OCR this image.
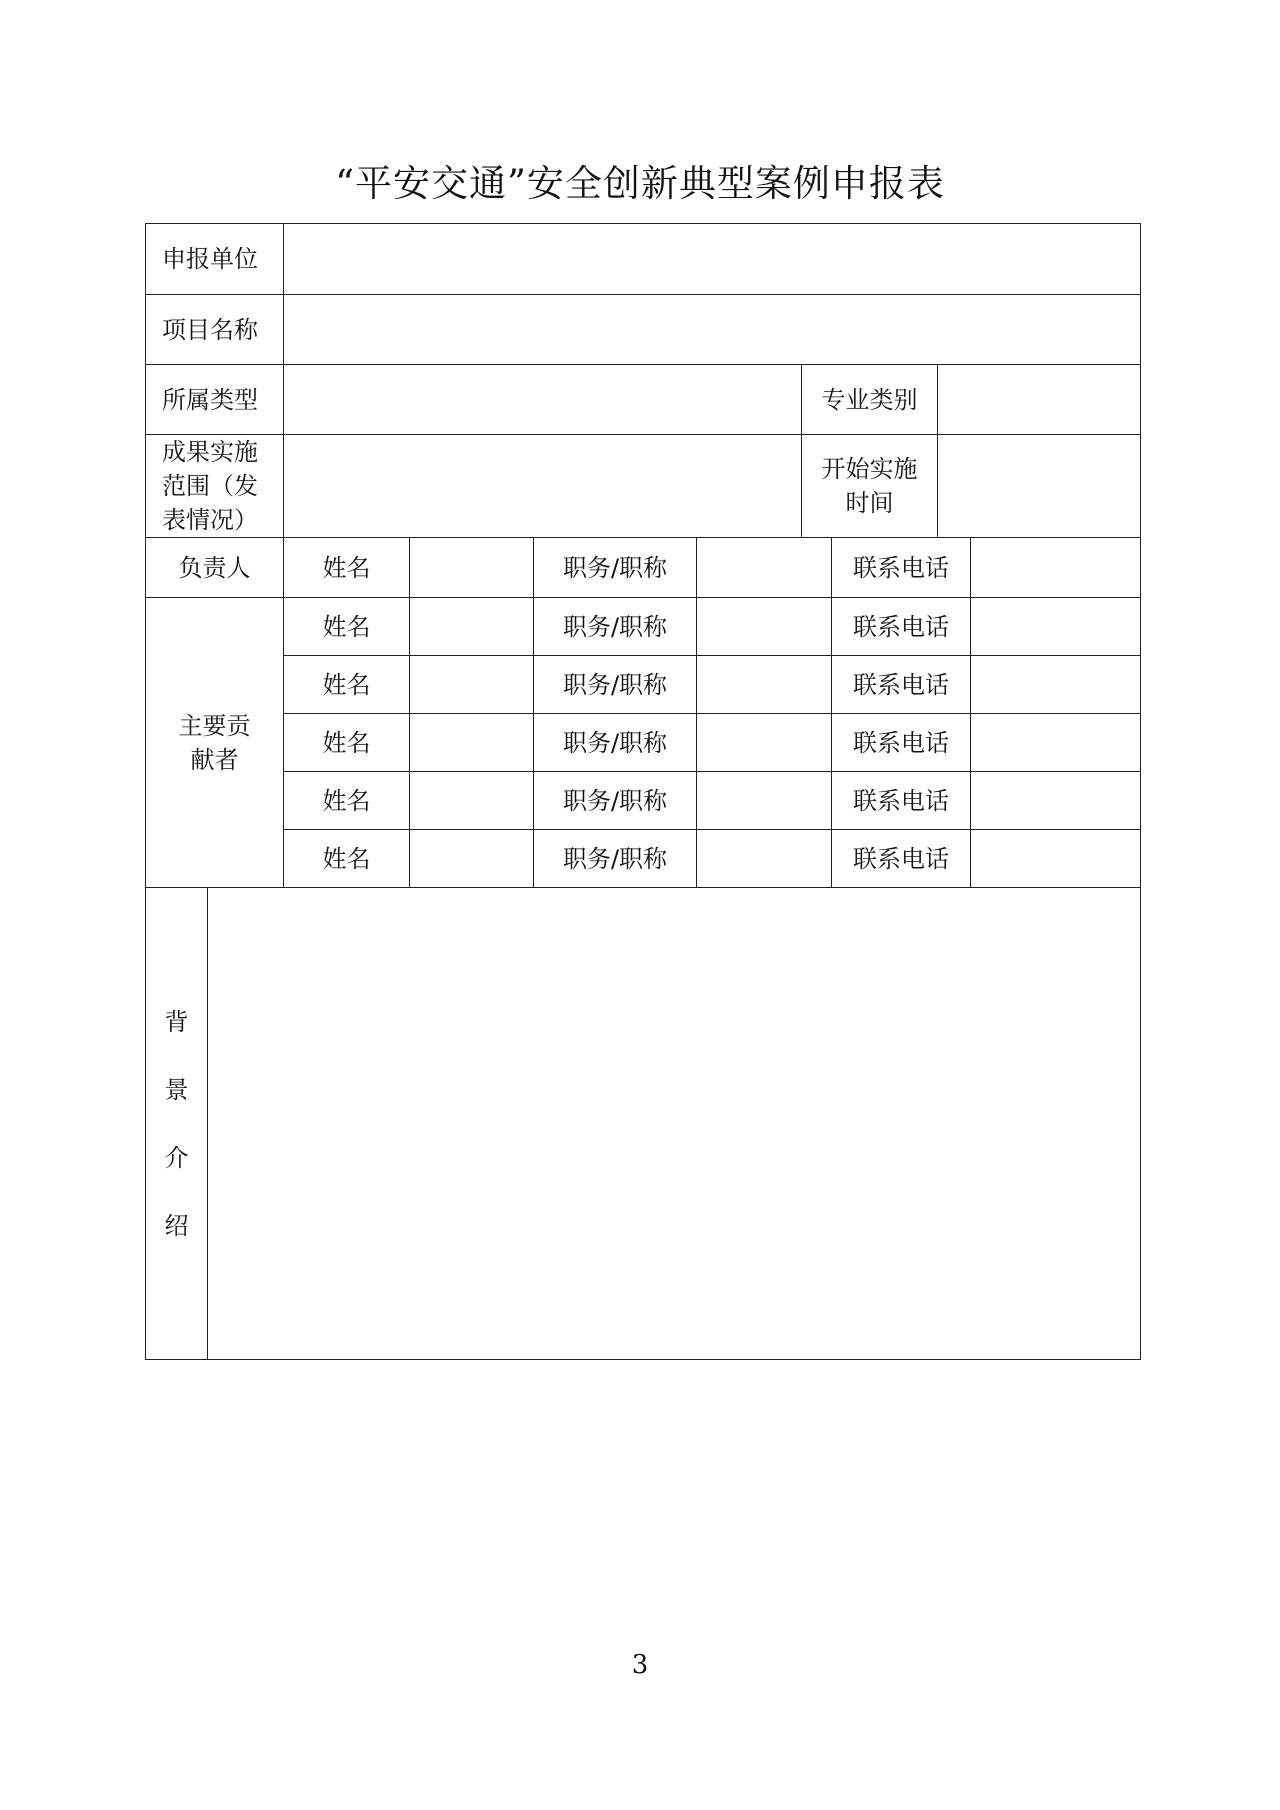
“平安交通”安全创新典型案例申报表
申报单位									
项目名称									
所属类型						专业类别			

成果实施范围（发表情况）						开始实施时间			

负责人		姓名		职务/职称			联系电话		

主要贡献者		姓名		职务/职称			联系电话		
		姓名		职务/职称			联系电话		
		姓名		职务/职称			联系电话		
		姓名		职务/职称			联系电话		
		姓名		职务/职称			联系电话		
背景介绍									
3
